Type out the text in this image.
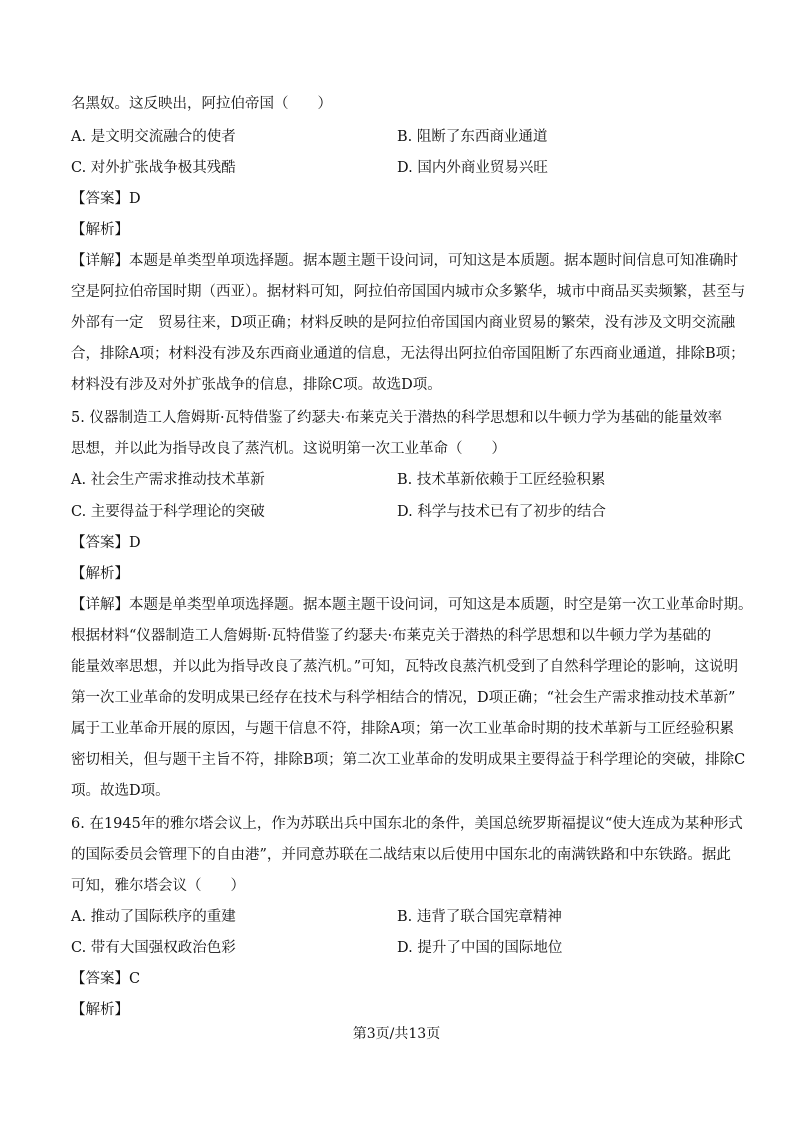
名黑奴。这反映出，阿拉伯帝国（　　）
A. 是文明交流融合的使者	B. 阻断了东西商业通道
C. 对外扩张战争极其残酷	D. 国内外商业贸易兴旺
【答案】D
【解析】
【详解】本题是单类型单项选择题。据本题主题干设问词，可知这是本质题。据本题时间信息可知准确时
空是阿拉伯帝国时期（西亚）。据材料可知，阿拉伯帝国国内城市众多繁华，城市中商品买卖频繁，甚至与
外部有一定　贸易往来，D项正确；材料反映的是阿拉伯帝国国内商业贸易的繁荣，没有涉及文明交流融
合，排除A项；材料没有涉及东西商业通道的信息，无法得出阿拉伯帝国阻断了东西商业通道，排除B项；
材料没有涉及对外扩张战争的信息，排除C项。故选D项。
5. 仪器制造工人詹姆斯·瓦特借鉴了约瑟夫·布莱克关于潜热的科学思想和以牛顿力学为基础的能量效率
思想，并以此为指导改良了蒸汽机。这说明第一次工业革命（　　）
A. 社会生产需求推动技术革新	B. 技术革新依赖于工匠经验积累
C. 主要得益于科学理论的突破	D. 科学与技术已有了初步的结合
【答案】D
【解析】
【详解】本题是单类型单项选择题。据本题主题干设问词，可知这是本质题，时空是第一次工业革命时期。
根据材料“仪器制造工人詹姆斯·瓦特借鉴了约瑟夫·布莱克关于潜热的科学思想和以牛顿力学为基础的
能量效率思想，并以此为指导改良了蒸汽机。”可知，瓦特改良蒸汽机受到了自然科学理论的影响，这说明
第一次工业革命的发明成果已经存在技术与科学相结合的情况，D项正确；“社会生产需求推动技术革新”
属于工业革命开展的原因，与题干信息不符，排除A项；第一次工业革命时期的技术革新与工匠经验积累
密切相关，但与题干主旨不符，排除B项；第二次工业革命的发明成果主要得益于科学理论的突破，排除C
项。故选D项。
6. 在1945年的雅尔塔会议上，作为苏联出兵中国东北的条件，美国总统罗斯福提议“使大连成为某种形式
的国际委员会管理下的自由港”，并同意苏联在二战结束以后使用中国东北的南满铁路和中东铁路。据此
可知，雅尔塔会议（　　）
A. 推动了国际秩序的重建	B. 违背了联合国宪章精神
C. 带有大国强权政治色彩	D. 提升了中国的国际地位
【答案】C
【解析】
第3页/共13页
